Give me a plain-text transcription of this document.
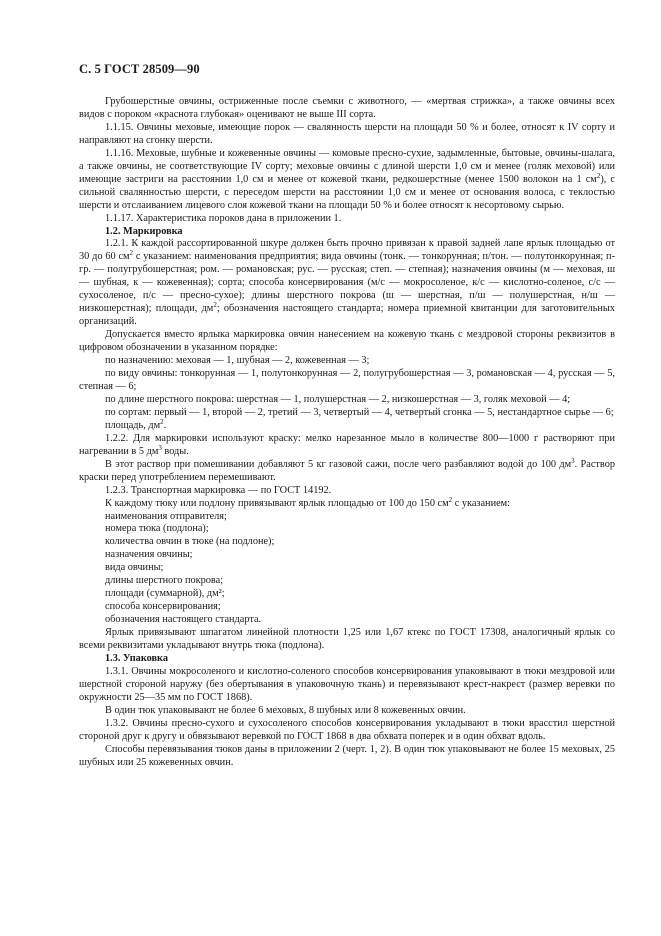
С. 5 ГОСТ 28509—90

Грубошерстные овчины, остриженные после съемки с животного, — «мертвая стрижка», а также овчины всех видов с пороком «краснота глубокая» оценивают не выше III сорта.

1.1.15. Овчины меховые, имеющие порок — свалянность шерсти на площади 50 % и более, относят к IV сорту и направляют на сгонку шерсти.

1.1.16. Меховые, шубные и кожевенные овчины — комовые пресно-сухие, задымленные, бытовые, овчины-шалага, а также овчины, не соответствующие IV сорту; меховые овчины с длиной шерсти 1,0 см и менее (голяк меховой) или имеющие застриги на расстоянии 1,0 см и менее от кожевой ткани, редкошерстные (менее 1500 волокон на 1 $см^2$), с сильной свалянностью шерсти, с переседом шерсти на расстоянии 1,0 см и менее от основания волоса, с теклостью шерсти и отслаиванием лицевого слоя кожевой ткани на площади 50 % и более относят к несортовому сырью.

1.1.17. Характеристика пороков дана в приложении 1.

1.2. Маркировка

1.2.1. К каждой рассортированной шкуре должен быть прочно привязан к правой задней лапе ярлык площадью от 30 до 60 $см^2$ с указанием: наименования предприятия; вида овчины (тонк. — тонкорунная; п/тон. — полутонкорунная; п-гр. — полугрубошерстная; ром. — романовская; рус. — русская; степ. — степная); назначения овчины (м — меховая, ш — шубная, к — кожевенная); сорта; способа консервирования (м/с — мокросоленое, к/с — кислотно-соленое, с/с — сухосоленое, п/с — пресно-сухое); длины шерстного покрова (ш — шерстная, п/ш — полушерстная, н/ш — низкошерстная); площади, $дм^2$; обозначения настоящего стандарта; номера приемной квитанции для заготовительных организаций.

Допускается вместо ярлыка маркировка овчин нанесением на кожевую ткань с мездровой стороны реквизитов в цифровом обозначении в указанном порядке:

по назначению: меховая — 1, шубная — 2, кожевенная — 3;

по виду овчины: тонкорунная — 1, полутонкорунная — 2, полугрубошерстная — 3, романовская — 4, русская — 5, степная — 6;

по длине шерстного покрова: шерстная — 1, полушерстная — 2, низкошерстная — 3, голяк меховой — 4;

по сортам: первый — 1, второй — 2, третий — 3, четвертый — 4, четвертый сгонка — 5, нестандартное сырье — 6;

площадь, $дм^2$.

1.2.2. Для маркировки используют краску: мелко нарезанное мыло в количестве 800—1000 г растворяют при нагревании в 5 $дм^3$ воды.

В этот раствор при помешивании добавляют 5 кг газовой сажи, после чего разбавляют водой до 100 $дм^3$. Раствор краски перед употреблением перемешивают.

1.2.3. Транспортная маркировка — по ГОСТ 14192.

К каждому тюку или подлону привязывают ярлык площадью от 100 до 150 $см^2$ с указанием:

наименования отправителя;

номера тюка (подлона);

количества овчин в тюке (на подлоне);

назначения овчины;

вида овчины;

длины шерстного покрова;

площади (суммарной), дм²;

способа консервирования;

обозначения настоящего стандарта.

Ярлык привязывают шпагатом линейной плотности 1,25 или 1,67 ктекс по ГОСТ 17308, аналогичный ярлык со всеми реквизитами укладывают внутрь тюка (подлона).

1.3. Упаковка

1.3.1. Овчины мокросоленого и кислотно-соленого способов консервирования упаковывают в тюки мездровой или шерстной стороной наружу (без обертывания в упаковочную ткань) и перевязывают крест-накрест (размер веревки по окружности 25—35 мм по ГОСТ 1868).

В один тюк упаковывают не более 6 меховых, 8 шубных или 8 кожевенных овчин.

1.3.2. Овчины пресно-сухого и сухосоленого способов консервирования укладывают в тюки врасстил шерстной стороной друг к другу и обвязывают веревкой по ГОСТ 1868 в два обхвата поперек и в один обхват вдоль.

Способы перевязывания тюков даны в приложении 2 (черт. 1, 2). В один тюк упаковывают не более 15 меховых, 25 шубных или 25 кожевенных овчин.
